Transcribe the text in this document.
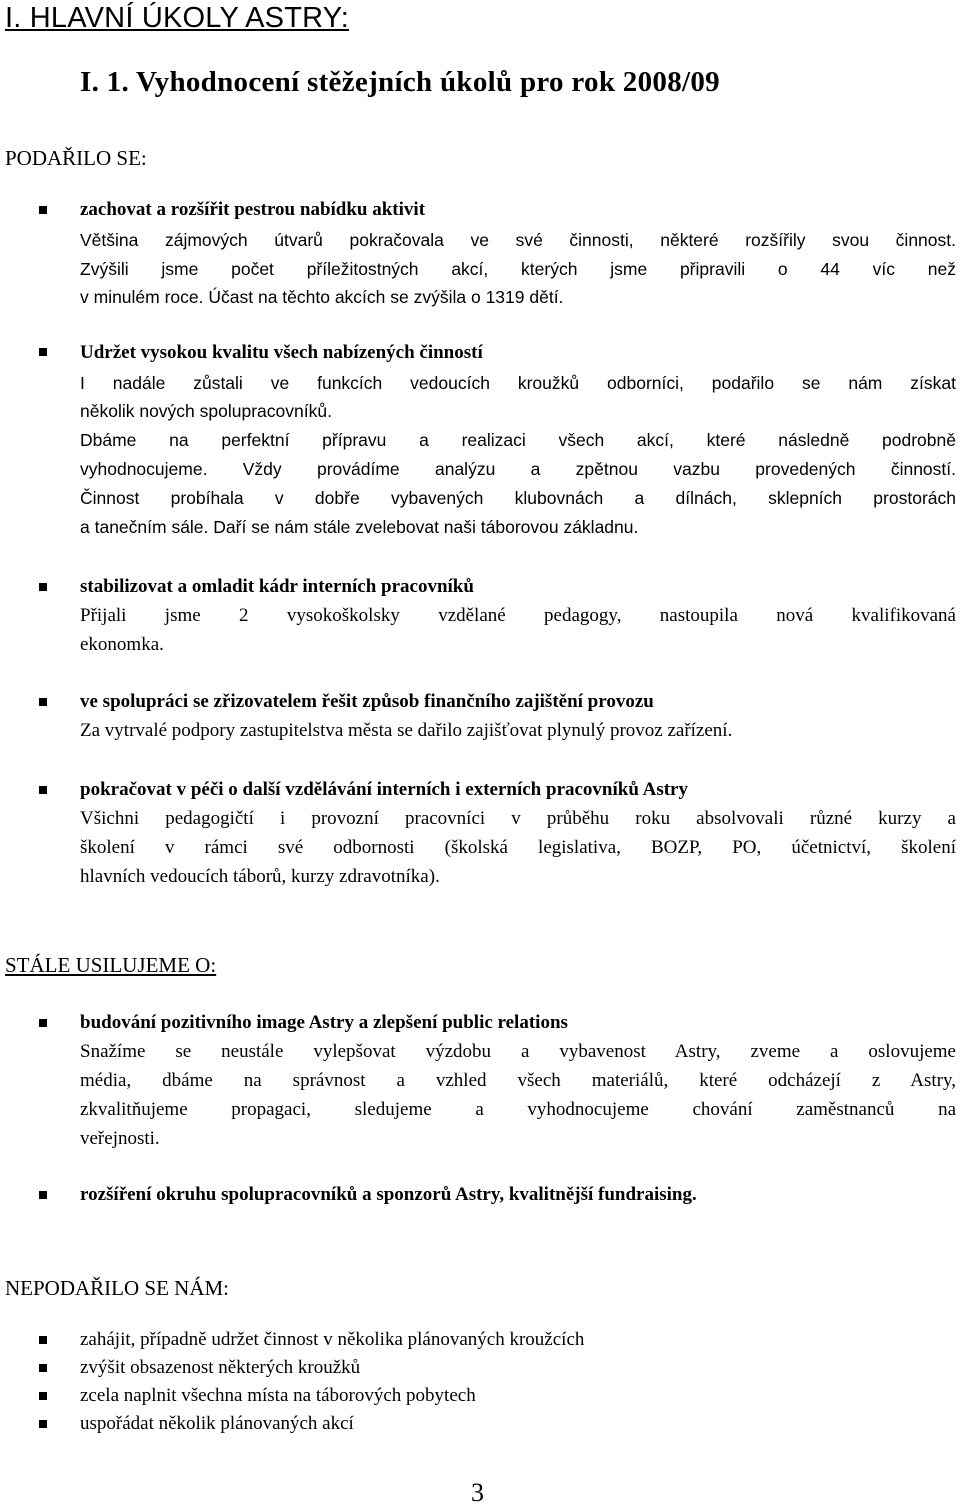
I. HLAVNÍ ÚKOLY ASTRY:
I. 1. Vyhodnocení stěžejních úkolů pro rok 2008/09
PODAŘILO SE:
zachovat a rozšířit pestrou nabídku aktivit
Většina zájmových útvarů pokračovala ve své činnosti, některé rozšířily svou činnost.
Zvýšili jsme počet příležitostných akcí, kterých jsme připravili o 44 víc než
v minulém roce. Účast na těchto akcích se zvýšila o 1319 dětí.
Udržet vysokou kvalitu všech nabízených činností
I nadále zůstali ve funkcích vedoucích kroužků odborníci, podařilo se nám získat
několik nových spolupracovníků.
Dbáme na perfektní přípravu a realizaci všech akcí, které následně podrobně
vyhodnocujeme. Vždy provádíme analýzu a zpětnou vazbu provedených činností.
Činnost probíhala v dobře vybavených klubovnách a dílnách, sklepních prostorách
a tanečním sále. Daří se nám stále zvelebovat naši táborovou základnu.
stabilizovat a omladit kádr interních pracovníků
Přijali jsme 2 vysokoškolsky vzdělané pedagogy, nastoupila nová kvalifikovaná
ekonomka.
ve spolupráci se zřizovatelem řešit způsob finančního zajištění provozu
Za vytrvalé podpory zastupitelstva města se dařilo zajišťovat plynulý provoz zařízení.
pokračovat v péči o další vzdělávání interních i externích pracovníků Astry
Všichni pedagogičtí i provozní pracovníci v průběhu roku absolvovali různé kurzy a
školení v rámci své odbornosti (školská legislativa, BOZP, PO, účetnictví, školení
hlavních vedoucích táborů, kurzy zdravotníka).
STÁLE USILUJEME O:
budování pozitivního image Astry a zlepšení public relations
Snažíme se neustále vylepšovat výzdobu a vybavenost Astry, zveme a oslovujeme
média, dbáme na správnost a vzhled všech materiálů, které odcházejí z Astry,
zkvalitňujeme propagaci, sledujeme a vyhodnocujeme chování zaměstnanců na
veřejnosti.
rozšíření okruhu spolupracovníků a sponzorů Astry, kvalitnější fundraising.
NEPODAŘILO SE NÁM:
zahájit, případně udržet činnost v několika plánovaných kroužcích
zvýšit obsazenost některých kroužků
zcela naplnit všechna místa na táborových pobytech
uspořádat několik plánovaných akcí
3
